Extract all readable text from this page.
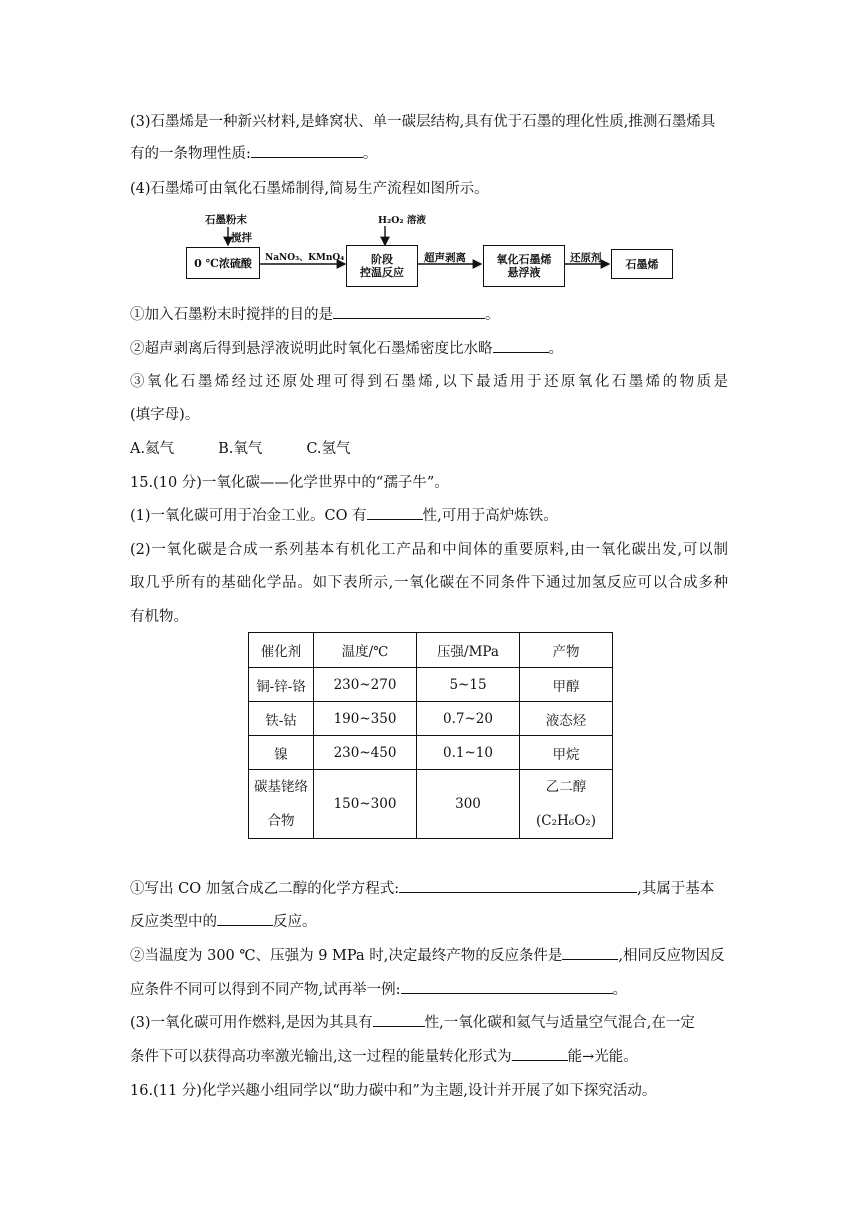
(3)石墨烯是一种新兴材料,是蜂窝状、单一碳层结构,具有优于石墨的理化性质,推测石墨烯具
有的一条物理性质:	。
(4)石墨烯可由氧化石墨烯制得,简易生产流程如图所示。
石墨粉末
搅拌
H₂O₂ 溶液
0 ℃浓硫酸	NaNO₃、KMnO₄ 阶段
控温反应
超声剥离	氧化石墨烯
悬浮液
还原剂	石墨烯
①加入石墨粉末时搅拌的目的是	。
②超声剥离后得到悬浮液说明此时氧化石墨烯密度比水略	。
③氧化石墨烯经过还原处理可得到石墨烯,以下最适用于还原氧化石墨烯的物质是
(填字母)。
A.氦气	B.氧气	C.氢气
15.(10 分)一氧化碳——化学世界中的“孺子牛”。
(1)一氧化碳可用于冶金工业。CO 有	性,可用于高炉炼铁。
(2)一氧化碳是合成一系列基本有机化工产品和中间体的重要原料,由一氧化碳出发,可以制
取几乎所有的基础化学品。如下表所示,一氧化碳在不同条件下通过加氢反应可以合成多种
有机物。
催化剂	温度/℃	压强/MPa	产物
铜-锌-铬	230~270	5~15	甲醇
铁-钴	190~350	0.7~20	液态烃
镍	230~450	0.1~10	甲烷
碳基铑络
合物	150~300	300	乙二醇
(C₂H₆O₂)
①写出 CO 加氢合成乙二醇的化学方程式:	,其属于基本
反应类型中的	反应。
②当温度为 300 ℃、压强为 9 MPa 时,决定最终产物的反应条件是	,相同反应物因反
应条件不同可以得到不同产物,试再举一例:	。
(3)一氧化碳可用作燃料,是因为其具有	性,一氧化碳和氦气与适量空气混合,在一定
条件下可以获得高功率激光输出,这一过程的能量转化形式为	能→光能。
16.(11 分)化学兴趣小组同学以“助力碳中和”为主题,设计并开展了如下探究活动。
